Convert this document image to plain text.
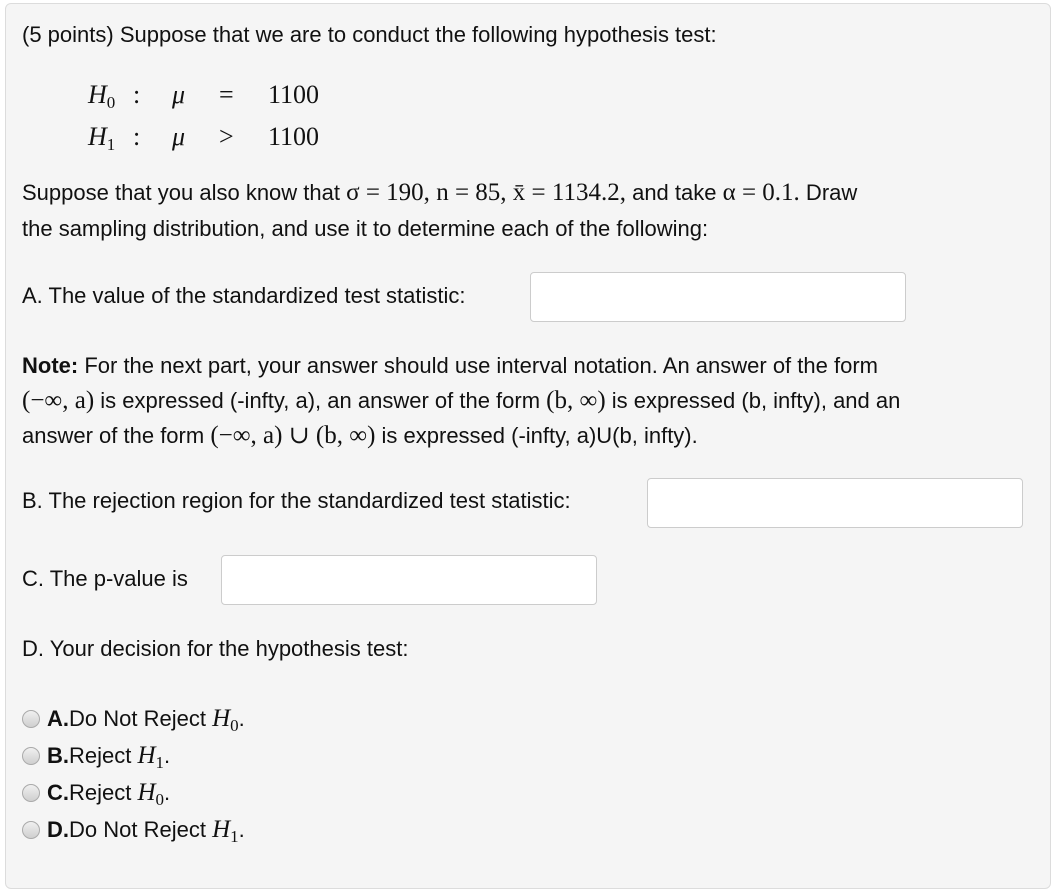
(5 points) Suppose that we are to conduct the following hypothesis test:
$H_0$ : μ = 1100
$H_1$ : μ > 1100
Suppose that you also know that σ = 190, n = 85, x̄ = 1134.2, and take α = 0.1. Draw
the sampling distribution, and use it to determine each of the following:
A. The value of the standardized test statistic:
Note: For the next part, your answer should use interval notation. An answer of the form
(−∞, a) is expressed (-infty, a), an answer of the form (b, ∞) is expressed (b, infty), and an
answer of the form (−∞, a) ∪ (b, ∞) is expressed (-infty, a)U(b, infty).
B. The rejection region for the standardized test statistic:
C. The p-value is
D. Your decision for the hypothesis test:
A. Do Not Reject
$H_0$ .
B. Reject
$H_1$ .
C. Reject
$H_0$ .
D. Do Not Reject
$H_1$ .
